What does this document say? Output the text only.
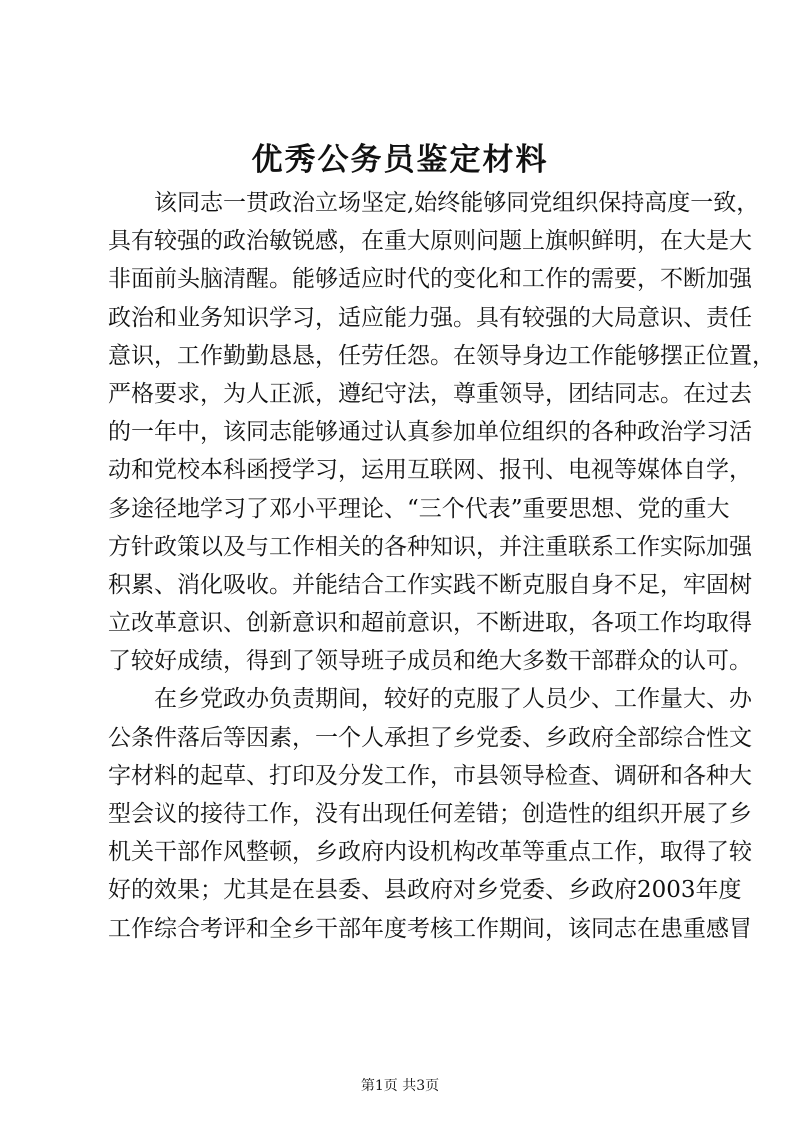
优秀公务员鉴定材料
该同志一贯政治立场坚定,始终能够同党组织保持高度一致，
具有较强的政治敏锐感，在重大原则问题上旗帜鲜明，在大是大
非面前头脑清醒。能够适应时代的变化和工作的需要，不断加强
政治和业务知识学习，适应能力强。具有较强的大局意识、责任
意识，工作勤勤恳恳，任劳任怨。在领导身边工作能够摆正位置，
严格要求，为人正派，遵纪守法，尊重领导，团结同志。在过去
的一年中，该同志能够通过认真参加单位组织的各种政治学习活
动和党校本科函授学习，运用互联网、报刊、电视等媒体自学，
多途径地学习了邓小平理论、“三个代表”重要思想、党的重大
方针政策以及与工作相关的各种知识，并注重联系工作实际加强
积累、消化吸收。并能结合工作实践不断克服自身不足，牢固树
立改革意识、创新意识和超前意识，不断进取，各项工作均取得
了较好成绩，得到了领导班子成员和绝大多数干部群众的认可。
在乡党政办负责期间，较好的克服了人员少、工作量大、办
公条件落后等因素，一个人承担了乡党委、乡政府全部综合性文
字材料的起草、打印及分发工作，市县领导检查、调研和各种大
型会议的接待工作，没有出现任何差错；创造性的组织开展了乡
机关干部作风整顿，乡政府内设机构改革等重点工作，取得了较
好的效果；尤其是在县委、县政府对乡党委、乡政府2003年度
工作综合考评和全乡干部年度考核工作期间，该同志在患重感冒
第1页 共3页
